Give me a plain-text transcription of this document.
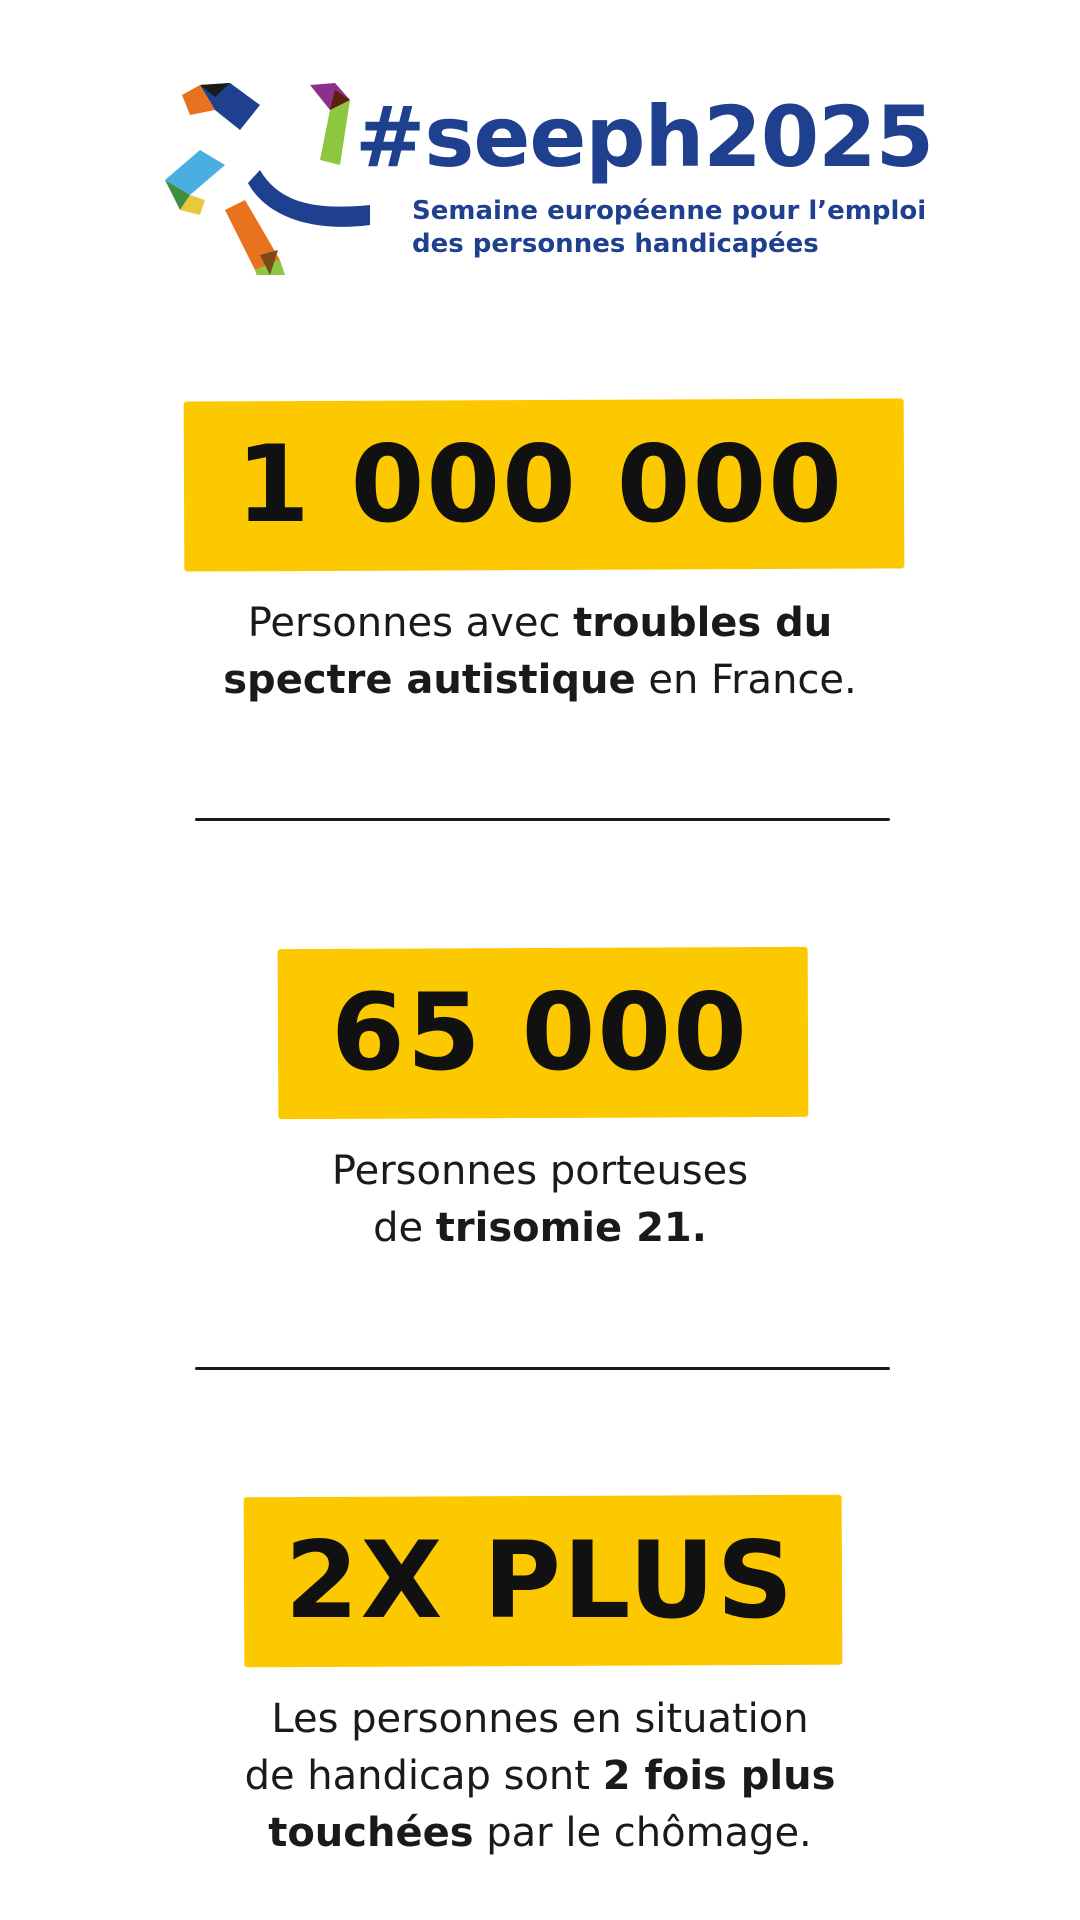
#seeph2025
Semaine européenne pour l’emploi
des personnes handicapées
1 000 000
Personnes avec troubles du
spectre autistique en France.
65 000
Personnes porteuses
de trisomie 21.
2X PLUS
Les personnes en situation
de handicap sont 2 fois plus
touchées par le chômage.
